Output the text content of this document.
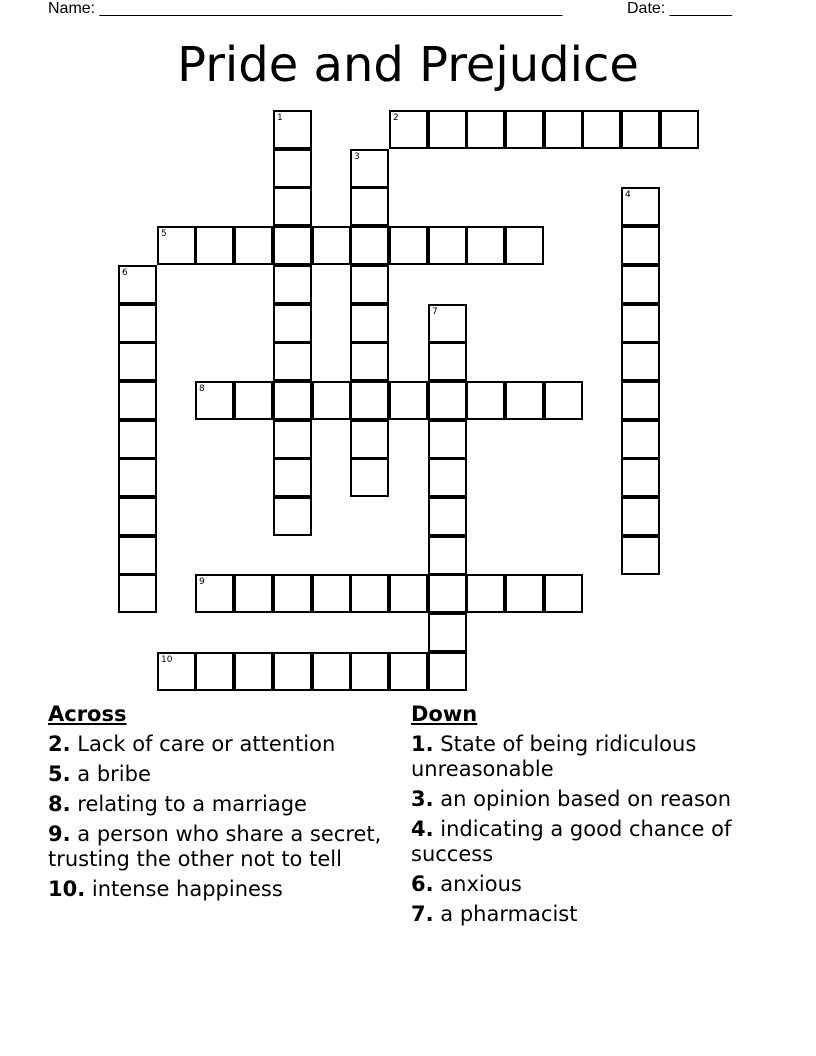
Name: ____________________________________________________	Date: _______
Pride and Prejudice
1	2
3
4
5
6
7
8
9
10
Across
2. Lack of care or attention
5. a bribe
8. relating to a marriage
9. a person who share a secret, trusting the other not to tell
10. intense happiness
Down
1. State of being ridiculous unreasonable
3. an opinion based on reason
4. indicating a good chance of success
6. anxious
7. a pharmacist
